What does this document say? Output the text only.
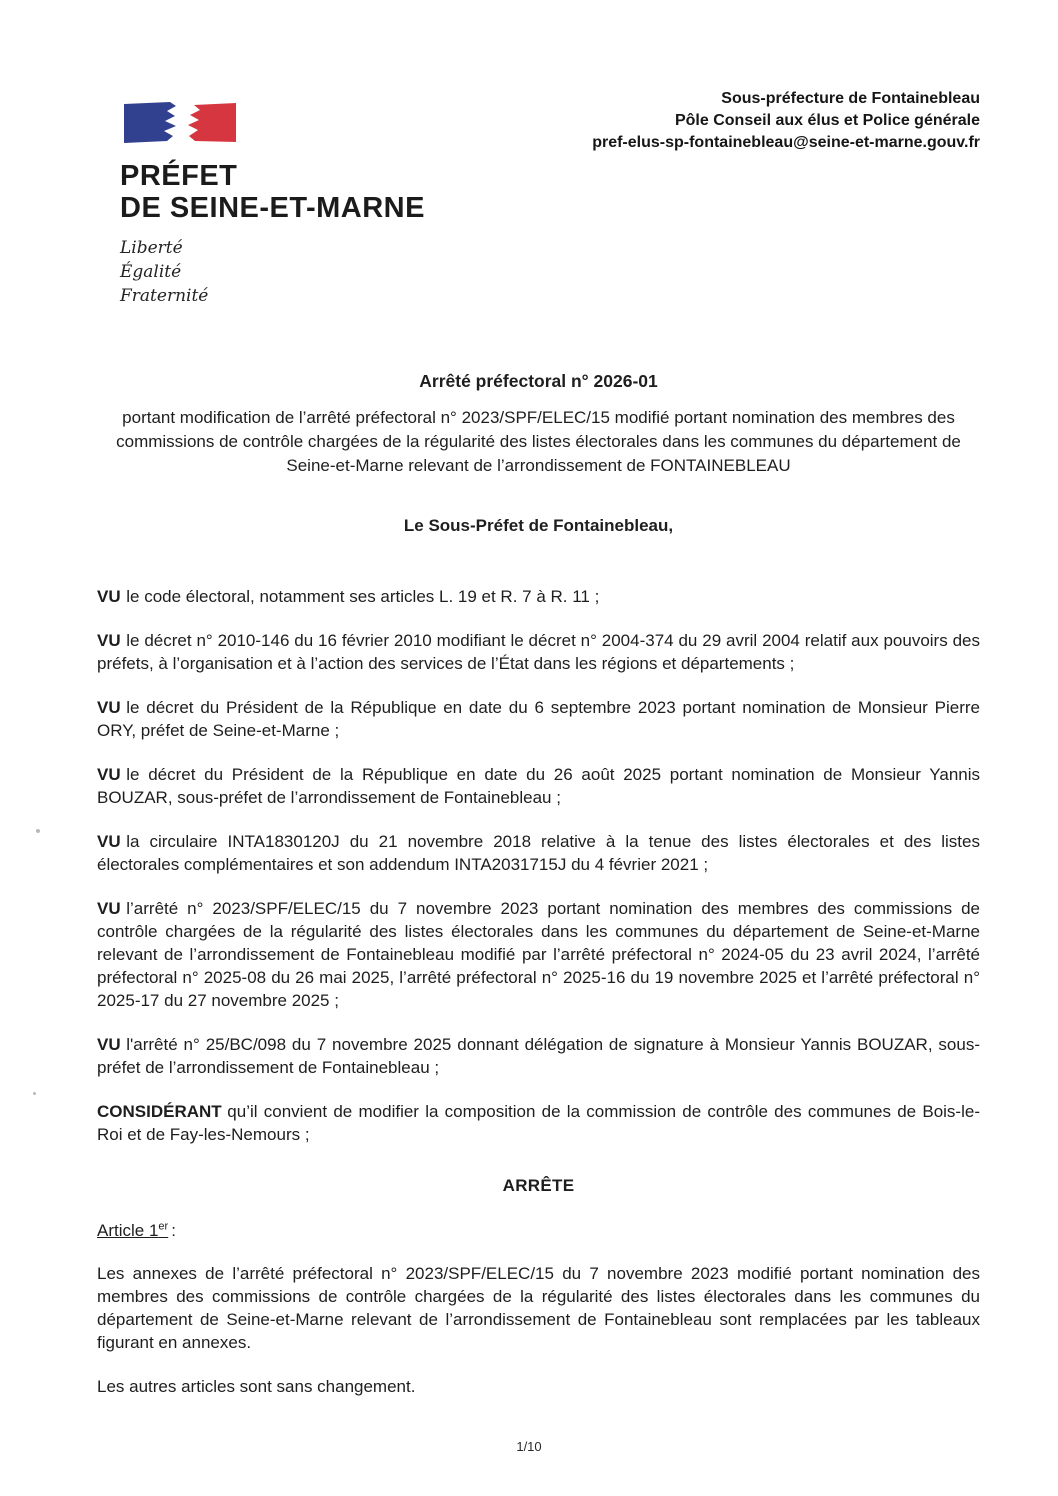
PRÉFET
DE SEINE-ET-MARNE
Liberté
Égalité
Fraternité
Sous-préfecture de Fontainebleau
Pôle Conseil aux élus et Police générale
pref-elus-sp-fontainebleau@seine-et-marne.gouv.fr
Arrêté préfectoral n° 2026-01
portant modification de l’arrêté préfectoral n° 2023/SPF/ELEC/15 modifié portant nomination des membres des commissions de contrôle chargées de la régularité des listes électorales dans les communes du département de Seine-et-Marne relevant de l’arrondissement de FONTAINEBLEAU
Le Sous-Préfet de Fontainebleau,

VU le code électoral, notamment ses articles L. 19 et R. 7 à R. 11 ;

VU le décret n° 2010-146 du 16 février 2010 modifiant le décret n° 2004-374 du 29 avril 2004 relatif aux pouvoirs des préfets, à l’organisation et à l’action des services de l’État dans les régions et départements ;

VU le décret du Président de la République en date du 6 septembre 2023 portant nomination de Monsieur Pierre ORY, préfet de Seine-et-Marne ;

VU le décret du Président de la République en date du 26 août 2025 portant nomination de Monsieur Yannis BOUZAR, sous-préfet de l’arrondissement de Fontainebleau ;

VU la circulaire INTA1830120J du 21 novembre 2018 relative à la tenue des listes électorales et des listes électorales complémentaires et son addendum INTA2031715J du 4 février 2021 ;

VU l’arrêté n° 2023/SPF/ELEC/15 du 7 novembre 2023 portant nomination des membres des commissions de contrôle chargées de la régularité des listes électorales dans les communes du département de Seine-et-Marne relevant de l’arrondissement de Fontainebleau modifié par l’arrêté préfectoral n° 2024-05 du 23 avril 2024, l’arrêté préfectoral n° 2025-08 du 26 mai 2025, l’arrêté préfectoral n° 2025-16 du 19 novembre 2025 et l’arrêté préfectoral n° 2025-17 du 27 novembre 2025 ;

VU l'arrêté n° 25/BC/098 du 7 novembre 2025 donnant délégation de signature à Monsieur Yannis BOUZAR, sous-préfet de l’arrondissement de Fontainebleau ;

CONSIDÉRANT qu’il convient de modifier la composition de la commission de contrôle des communes de Bois-le-Roi et de Fay-les-Nemours ;

ARRÊTE

Article 1er :

Les annexes de l’arrêté préfectoral n° 2023/SPF/ELEC/15 du 7 novembre 2023 modifié portant nomination des membres des commissions de contrôle chargées de la régularité des listes électorales dans les communes du département de Seine-et-Marne relevant de l’arrondissement de Fontainebleau sont remplacées par les tableaux figurant en annexes.

Les autres articles sont sans changement.

1/10
